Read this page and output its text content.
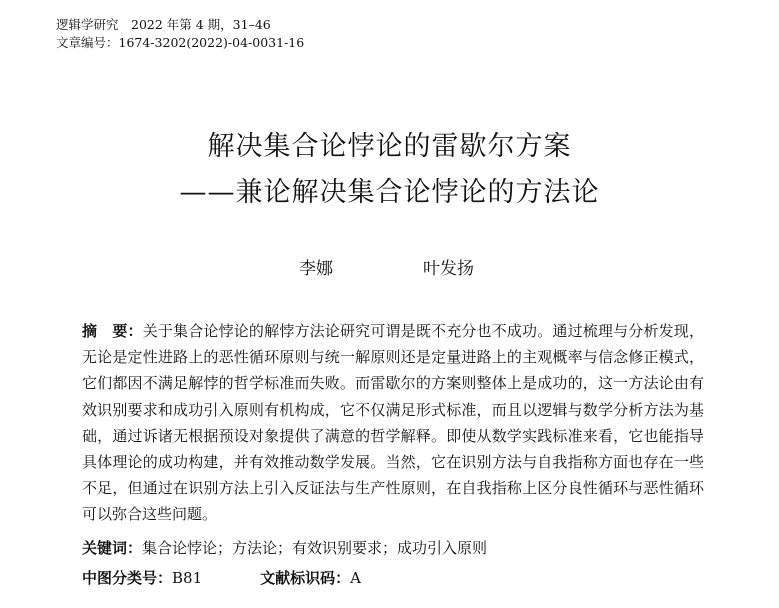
逻辑学研究　2022 年第 4 期，31–46
文章编号：1674-3202(2022)-04-0031-16
解决集合论悖论的雷歇尔方案
——兼论解决集合论悖论的方法论
李娜	叶发扬
摘　要：关于集合论悖论的解悖方法论研究可谓是既不充分也不成功。通过梳理与分析发现，无论是定性进路上的恶性循环原则与统一解原则还是定量进路上的主观概率与信念修正模式，它们都因不满足解悖的哲学标准而失败。而雷歇尔的方案则整体上是成功的，这一方法论由有效识别要求和成功引入原则有机构成，它不仅满足形式标准，而且以逻辑与数学分析方法为基础，通过诉诸无根据预设对象提供了满意的哲学解释。即使从数学实践标准来看，它也能指导具体理论的成功构建，并有效推动数学发展。当然，它在识别方法与自我指称方面也存在一些不足，但通过在识别方法上引入反证法与生产性原则，在自我指称上区分良性循环与恶性循环可以弥合这些问题。
关键词：集合论悖论；方法论；有效识别要求；成功引入原则
中图分类号：B81	文献标识码：A
